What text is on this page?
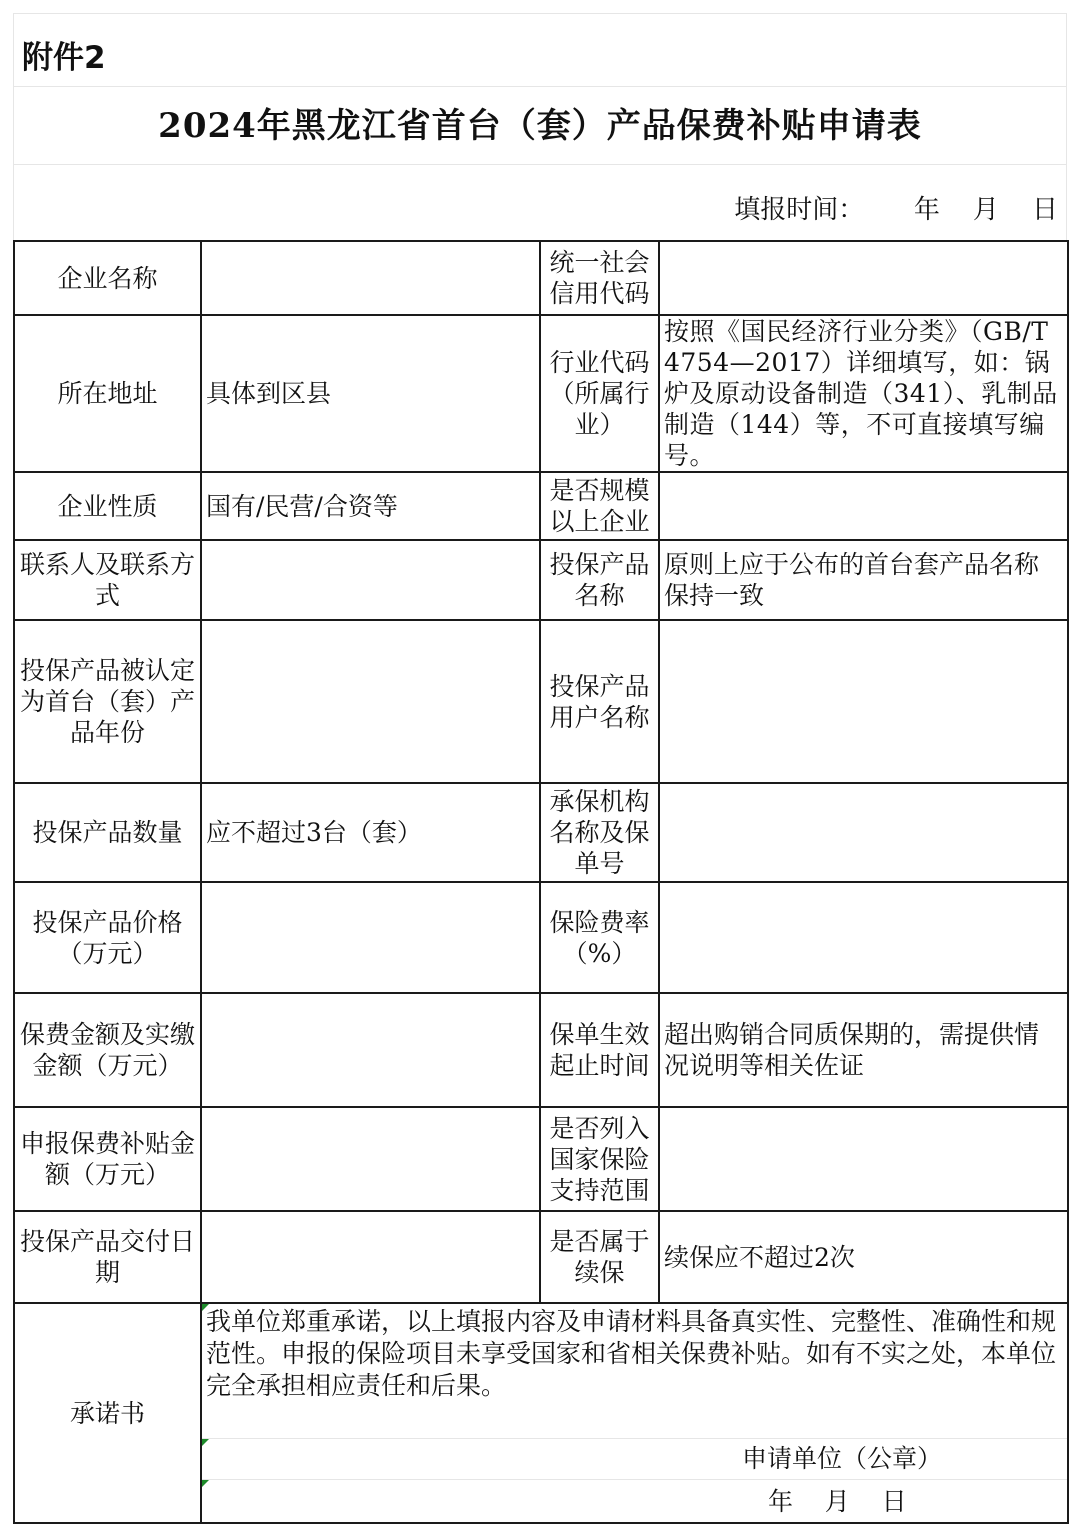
附件2
2024年黑龙江省首台（套）产品保费补贴申请表
填报时间：      年    月    日
企业名称		统一社会信用代码	
所在地址	具体到区县	行业代码（所属行业）	按照《国民经济行业分类》（GB/T 4754—2017）详细填写，如：锅炉及原动设备制造（341）、乳制品制造（144）等，不可直接填写编号。
企业性质	国有/民营/合资等	是否规模以上企业	
联系人及联系方式		投保产品名称	原则上应于公布的首台套产品名称保持一致
投保产品被认定为首台（套）产品年份		投保产品用户名称	
投保产品数量	应不超过3台（套）	承保机构名称及保单号	
投保产品价格（万元）		保险费率（%）	
保费金额及实缴金额（万元）		保单生效起止时间	超出购销合同质保期的，需提供情况说明等相关佐证
申报保费补贴金额（万元）		是否列入国家保险支持范围	
投保产品交付日期		是否属于续保	续保应不超过2次
承诺书	我单位郑重承诺，以上填报内容及申请材料具备真实性、完整性、准确性和规范性。申报的保险项目未享受国家和省相关保费补贴。如有不实之处，本单位完全承担相应责任和后果。
申请单位（公章）
年    月    日		
